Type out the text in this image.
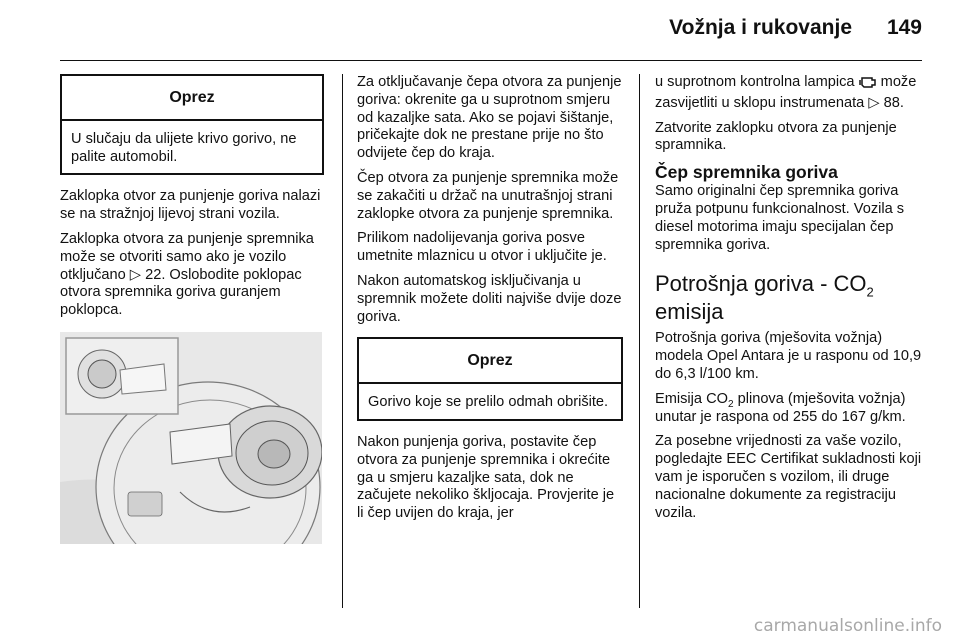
Vožnja i rukovanje 149
Oprez
U slučaju da ulijete krivo gorivo, ne palite automobil.

Zaklopka otvor za punjenje goriva nalazi se na stražnjoj lijevoj strani vozila.

Zaklopka otvora za punjenje spremnika može se otvoriti samo ako je vozilo otključano ▷ 22. Oslobodite poklopac otvora spremnika goriva guranjem poklopca.

Za otključavanje čepa otvora za punjenje goriva: okrenite ga u suprotnom smjeru od kazaljke sata. Ako se pojavi šištanje, pričekajte dok ne prestane prije no što odvijete čep do kraja.

Čep otvora za punjenje spremnika može se zakačiti u držač na unutrašnjoj strani zaklopke otvora za punjenje spremnika.

Prilikom nadolijevanja goriva posve umetnite mlaznicu u otvor i uključite je.

Nakon automatskog isključivanja u spremnik možete doliti najviše dvije doze goriva.

Oprez
Gorivo koje se prelilo odmah obrišite.

Nakon punjenja goriva, postavite čep otvora za punjenje spremnika i okrećite ga u smjeru kazaljke sata, dok ne začujete nekoliko škljocaja. Provjerite je li čep uvijen do kraja, jer

u suprotnom kontrolna lampica  može zasvijetliti u sklopu instrumenata ▷ 88.

Zatvorite zaklopku otvora za punjenje spramnika.

Čep spremnika goriva

Samo originalni čep spremnika goriva pruža potpunu funkcionalnost. Vozila s diesel motorima imaju specijalan čep spremnika goriva.

Potrošnja goriva - $CO_2$
emisija

Potrošnja goriva (mješovita vožnja) modela Opel Antara je u rasponu od 10,9 do 6,3 l/100 km.

Emisija $CO_2$ plinova (mješovita vožnja) unutar je raspona od 255 do 167 g/km.

Za posebne vrijednosti za vaše vozilo, pogledajte EEC Certifikat sukladnosti koji vam je isporučen s vozilom, ili druge nacionalne dokumente za registraciju vozila.

carmanualsonline.info
